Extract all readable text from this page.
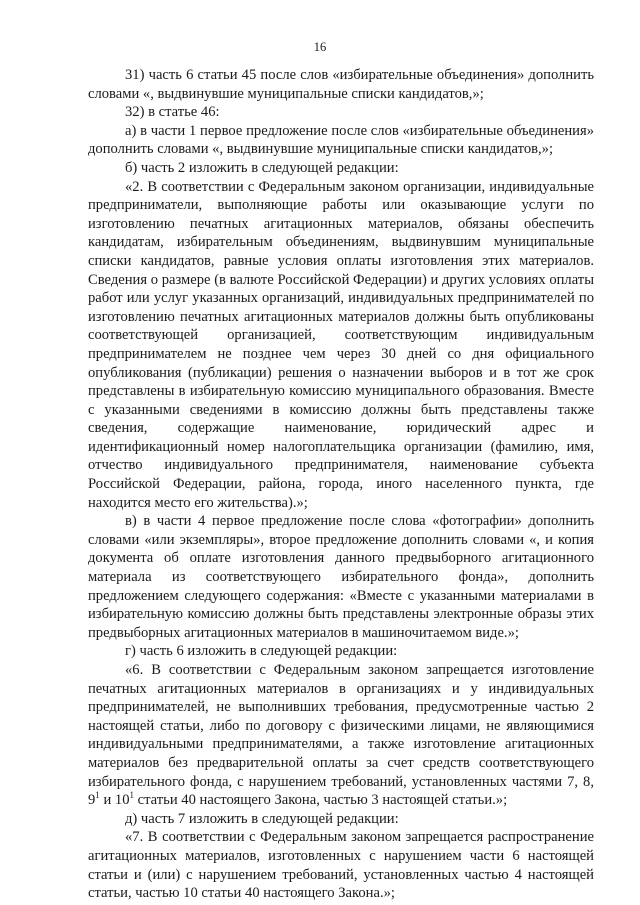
16

31) часть 6 статьи 45 после слов «избирательные объединения» дополнить словами «, выдвинувшие муниципальные списки кандидатов,»;

32) в статье 46:

а) в части 1 первое предложение после слов «избирательные объединения» дополнить словами «, выдвинувшие муниципальные списки кандидатов,»;

б) часть 2 изложить в следующей редакции:

«2. В соответствии с Федеральным законом организации, индивидуальные предприниматели, выполняющие работы или оказывающие услуги по изготовлению печатных агитационных материалов, обязаны обеспечить кандидатам, избирательным объединениям, выдвинувшим муниципальные списки кандидатов, равные условия оплаты изготовления этих материалов. Сведения о размере (в валюте Российской Федерации) и других условиях оплаты работ или услуг указанных организаций, индивидуальных предпринимателей по изготовлению печатных агитационных материалов должны быть опубликованы соответствующей организацией, соответствующим индивидуальным предпринимателем не позднее чем через 30 дней со дня официального опубликования (публикации) решения о назначении выборов и в тот же срок представлены в избирательную комиссию муниципального образования. Вместе с указанными сведениями в комиссию должны быть представлены также сведения, содержащие наименование, юридический адрес и идентификационный номер налогоплательщика организации (фамилию, имя, отчество индивидуального предпринимателя, наименование субъекта Российской Федерации, района, города, иного населенного пункта, где находится место его жительства).»;

в) в части 4 первое предложение после слова «фотографии» дополнить словами «или экземпляры», второе предложение дополнить словами «, и копия документа об оплате изготовления данного предвыборного агитационного материала из соответствующего избирательного фонда», дополнить предложением следующего содержания: «Вместе с указанными материалами в избирательную комиссию должны быть представлены электронные образы этих предвыборных агитационных материалов в машиночитаемом виде.»;

г) часть 6 изложить в следующей редакции:

«6. В соответствии с Федеральным законом запрещается изготовление печатных агитационных материалов в организациях и у индивидуальных предпринимателей, не выполнивших требования, предусмотренные частью 2 настоящей статьи, либо по договору с физическими лицами, не являющимися индивидуальными предпринимателями, а также изготовление агитационных материалов без предварительной оплаты за счет средств соответствующего избирательного фонда, с нарушением требований, установленных частями 7, 8, $9^1$ и $10^1$ статьи 40 настоящего Закона, частью 3 настоящей статьи.»;

д) часть 7 изложить в следующей редакции:

«7. В соответствии с Федеральным законом запрещается распространение агитационных материалов, изготовленных с нарушением части 6 настоящей статьи и (или) с нарушением требований, установленных частью 4 настоящей статьи, частью 10 статьи 40 настоящего Закона.»;
